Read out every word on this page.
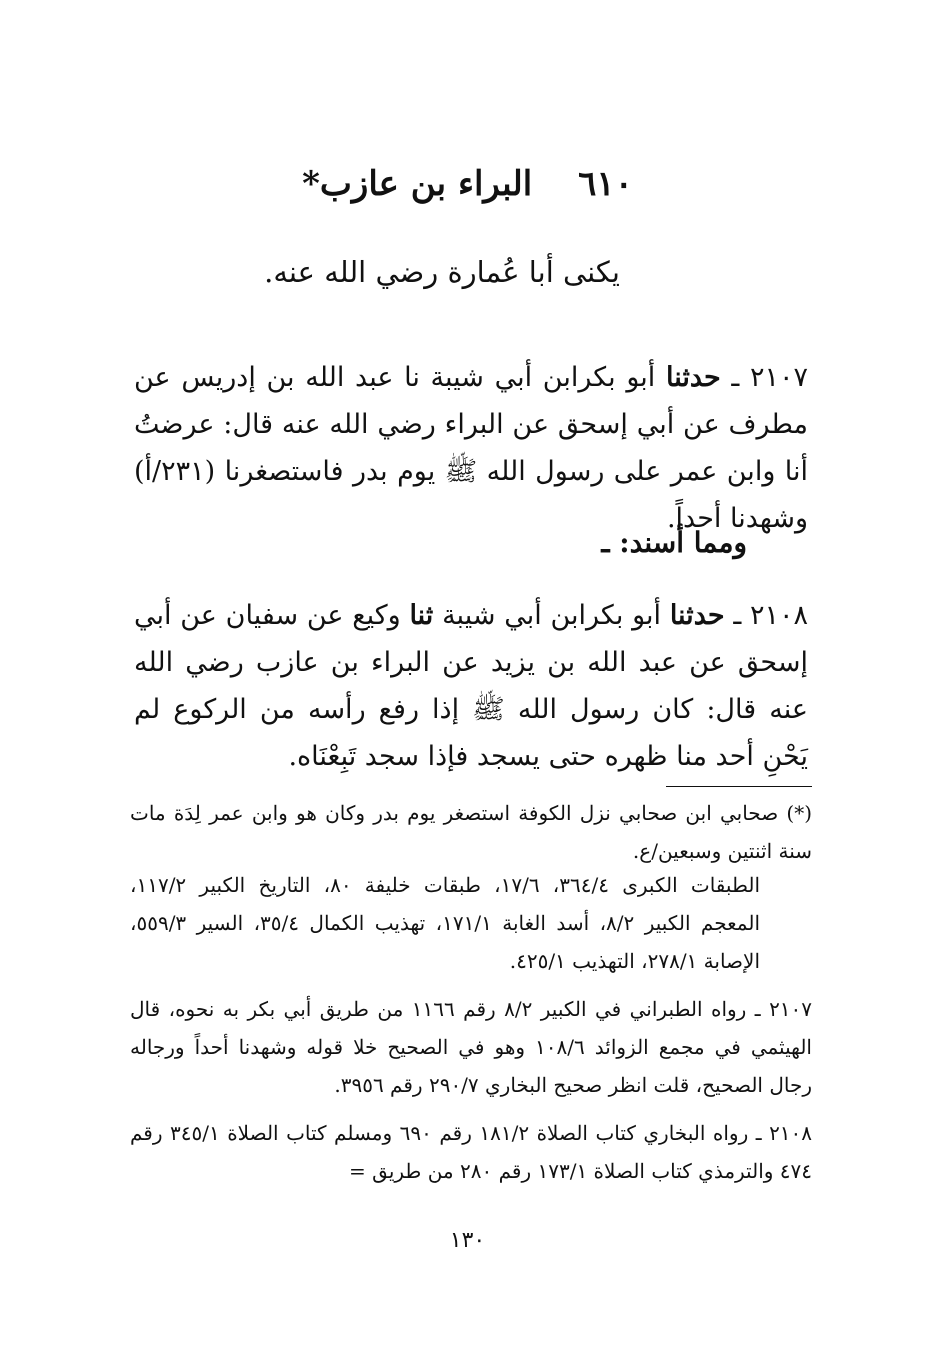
٦١٠ البراء بن عازب*
يكنى أبا عُمارة رضي الله عنه.
٢١٠٧ ـ حدثنا أبو بكرابن أبي شيبة نا عبد الله بن إدريس عن مطرف عن أبي إسحق عن البراء رضي الله عنه قال: عرضتُ أنا وابن عمر على رسول الله ﷺ يوم بدر فاستصغرنا (٢٣١/أ) وشهدنا أحداً.
ومما أسند: ـ
٢١٠٨ ـ حدثنا أبو بكرابن أبي شيبة ثنا وكيع عن سفيان عن أبي إسحق عن عبد الله بن يزيد عن البراء بن عازب رضي الله عنه قال: كان رسول الله ﷺ إذا رفع رأسه من الركوع لم يَحْنِ أحد منا ظهره حتى يسجد فإذا سجد تَبِعْنَاه.
(*) صحابي ابن صحابي نزل الكوفة استصغر يوم بدر وكان هو وابن عمر لِدَة مات سنة اثنتين وسبعين/ع.
الطبقات الكبرى ٣٦٤/٤، ١٧/٦، طبقات خليفة ٨٠، التاريخ الكبير ١١٧/٢، المعجم الكبير ٨/٢، أسد الغابة ١٧١/١، تهذيب الكمال ٣٥/٤، السير ٥٥٩/٣، الإصابة ٢٧٨/١، التهذيب ٤٢٥/١.
٢١٠٧ ـ رواه الطبراني في الكبير ٨/٢ رقم ١١٦٦ من طريق أبي بكر به نحوه، قال الهيثمي في مجمع الزوائد ١٠٨/٦ وهو في الصحيح خلا قوله وشهدنا أحداً ورجاله رجال الصحيح، قلت انظر صحيح البخاري ٢٩٠/٧ رقم ٣٩٥٦.
٢١٠٨ ـ رواه البخاري كتاب الصلاة ١٨١/٢ رقم ٦٩٠ ومسلم كتاب الصلاة ٣٤٥/١ رقم ٤٧٤ والترمذي كتاب الصلاة ١٧٣/١ رقم ٢٨٠ من طريق =
١٣٠
